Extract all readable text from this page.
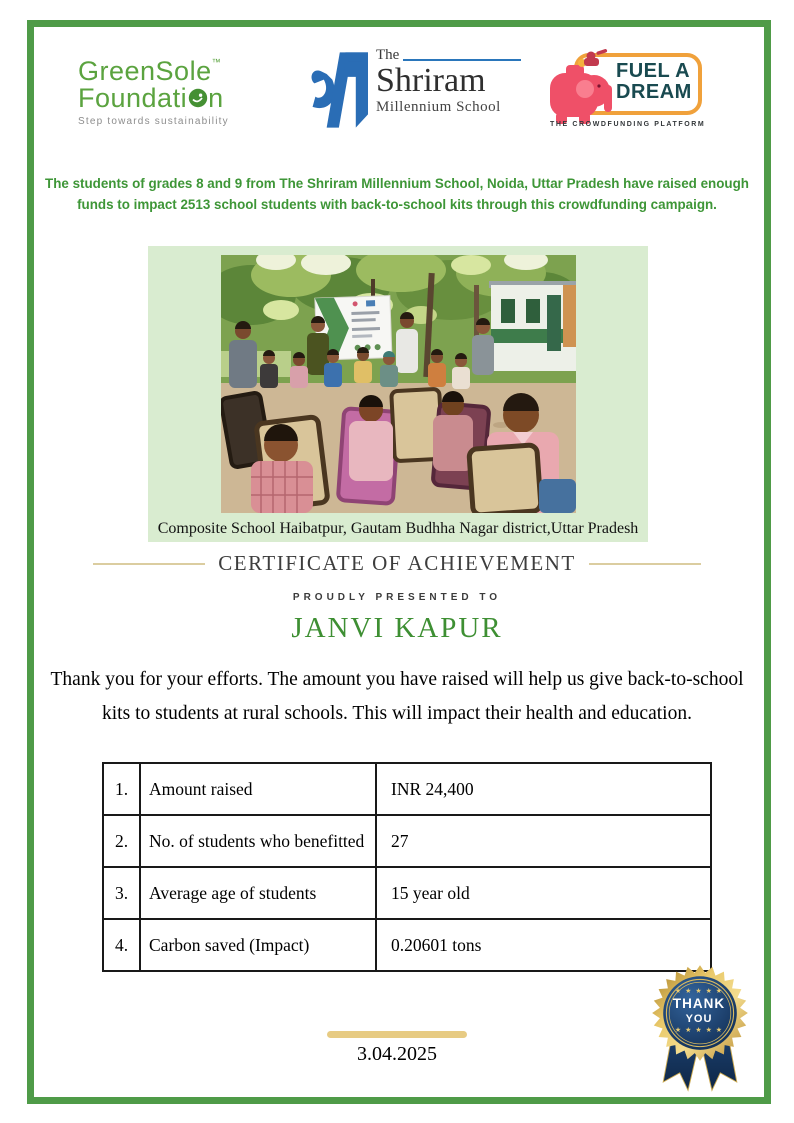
GreenSole™
Foundati n
Step towards sustainability
The
Shriram
Millennium School
FUEL A
DREAM
THE CROWDFUNDING PLATFORM
The students of grades 8 and 9 from The Shriram Millennium School, Noida, Uttar Pradesh have raised enough funds to impact 2513 school students with back-to-school kits through this crowdfunding campaign.
Composite School Haibatpur, Gautam Budhha Nagar district,Uttar Pradesh
CERTIFICATE OF ACHIEVEMENT
PROUDLY PRESENTED TO
JANVI KAPUR
Thank you for your efforts. The amount you have raised will help us give back-to-school kits to students at rural schools. This will impact their health and education.
1.	Amount raised	INR 24,400
2.	No. of students who benefitted	27
3.	Average age of students	15 year old
4.	Carbon saved (Impact)	0.20601 tons
3.04.2025
★ ★ ★ ★ ★
THANK
YOU
★ ★ ★ ★ ★
